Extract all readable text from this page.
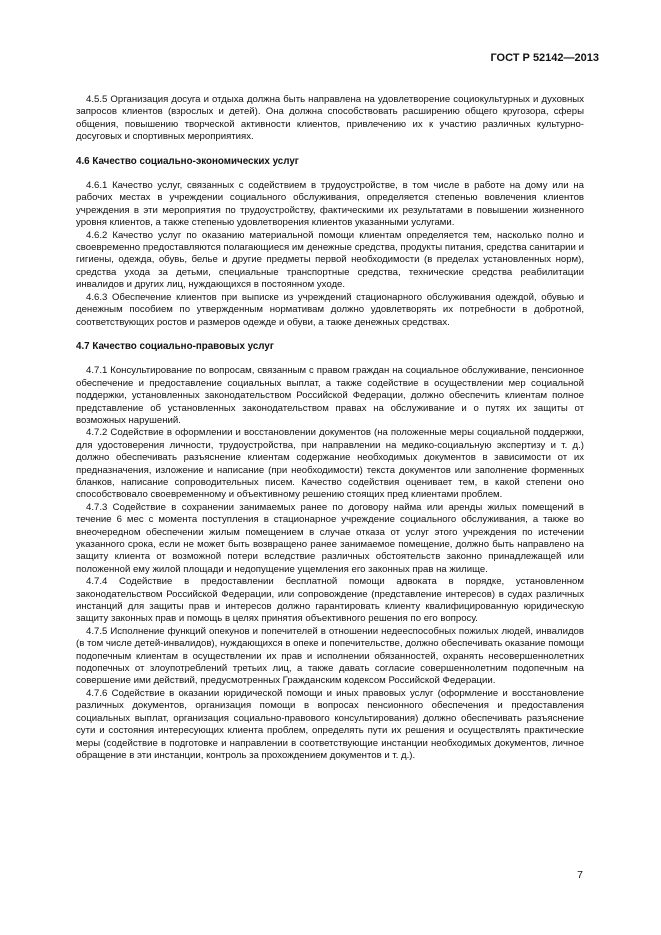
ГОСТ Р 52142—2013

4.5.5 Организация досуга и отдыха должна быть направлена на удовлетворение социокультурных и духовных запросов клиентов (взрослых и детей). Она должна способствовать расширению общего кругозора, сферы общения, повышению творческой активности клиентов, привлечению их к участию различных культурно-досуговых и спортивных мероприятиях.

4.6 Качество социально-экономических услуг

4.6.1 Качество услуг, связанных с содействием в трудоустройстве, в том числе в работе на дому или на рабочих местах в учреждении социального обслуживания, определяется степенью вовлечения клиентов учреждения в эти мероприятия по трудоустройству, фактическими их результатами в повышении жизненного уровня клиентов, а также степенью удовлетворения клиентов указанными услугами.

4.6.2 Качество услуг по оказанию материальной помощи клиентам определяется тем, насколько полно и своевременно предоставляются полагающиеся им денежные средства, продукты питания, средства санитарии и гигиены, одежда, обувь, белье и другие предметы первой необходимости (в пределах установленных норм), средства ухода за детьми, специальные транспортные средства, технические средства реабилитации инвалидов и других лиц, нуждающихся в постоянном уходе.

4.6.3 Обеспечение клиентов при выписке из учреждений стационарного обслуживания одеждой, обувью и денежным пособием по утвержденным нормативам должно удовлетворять их потребности в добротной, соответствующих ростов и размеров одежде и обуви, а также денежных средствах.

4.7 Качество социально-правовых услуг

4.7.1 Консультирование по вопросам, связанным с правом граждан на социальное обслуживание, пенсионное обеспечение и предоставление социальных выплат, а также содействие в осуществлении мер социальной поддержки, установленных законодательством Российской Федерации, должно обеспечить клиентам полное представление об установленных законодательством правах на обслуживание и о путях их защиты от возможных нарушений.

4.7.2 Содействие в оформлении и восстановлении документов (на положенные меры социальной поддержки, для удостоверения личности, трудоустройства, при направлении на медико-социальную экспертизу и т. д.) должно обеспечивать разъяснение клиентам содержание необходимых документов в зависимости от их предназначения, изложение и написание (при необходимости) текста документов или заполнение форменных бланков, написание сопроводительных писем. Качество содействия оценивает тем, в какой степени оно способствовало своевременному и объективному решению стоящих пред клиентами проблем.

4.7.3 Содействие в сохранении занимаемых ранее по договору найма или аренды жилых помещений в течение 6 мес с момента поступления в стационарное учреждение социального обслуживания, а также во внеочередном обеспечении жилым помещением в случае отказа от услуг этого учреждения по истечении указанного срока, если не может быть возвращено ранее занимаемое помещение, должно быть направлено на защиту клиента от возможной потери вследствие различных обстоятельств законно принадлежащей или положенной ему жилой площади и недопущение ущемления его законных прав на жилище.

4.7.4 Содействие в предоставлении бесплатной помощи адвоката в порядке, установленном законодательством Российской Федерации, или сопровождение (представление интересов) в судах различных инстанций для защиты прав и интересов должно гарантировать клиенту квалифицированную юридическую защиту законных прав и помощь в целях принятия объективного решения по его вопросу.

4.7.5 Исполнение функций опекунов и попечителей в отношении недееспособных пожилых людей, инвалидов (в том числе детей-инвалидов), нуждающихся в опеке и попечительстве, должно обеспечивать оказание помощи подопечным клиентам в осуществлении их прав и исполнении обязанностей, охранять несовершеннолетних подопечных от злоупотреблений третьих лиц, а также давать согласие совершеннолетним подопечным на совершение ими действий, предусмотренных Гражданским кодексом Российской Федерации.

4.7.6 Содействие в оказании юридической помощи и иных правовых услуг (оформление и восстановление различных документов, организация помощи в вопросах пенсионного обеспечения и предоставления социальных выплат, организация социально-правового консультирования) должно обеспечивать разъяснение сути и состояния интересующих клиента проблем, определять пути их решения и осуществлять практические меры (содействие в подготовке и направлении в соответствующие инстанции необходимых документов, личное обращение в эти инстанции, контроль за прохождением документов и т. д.).

7
